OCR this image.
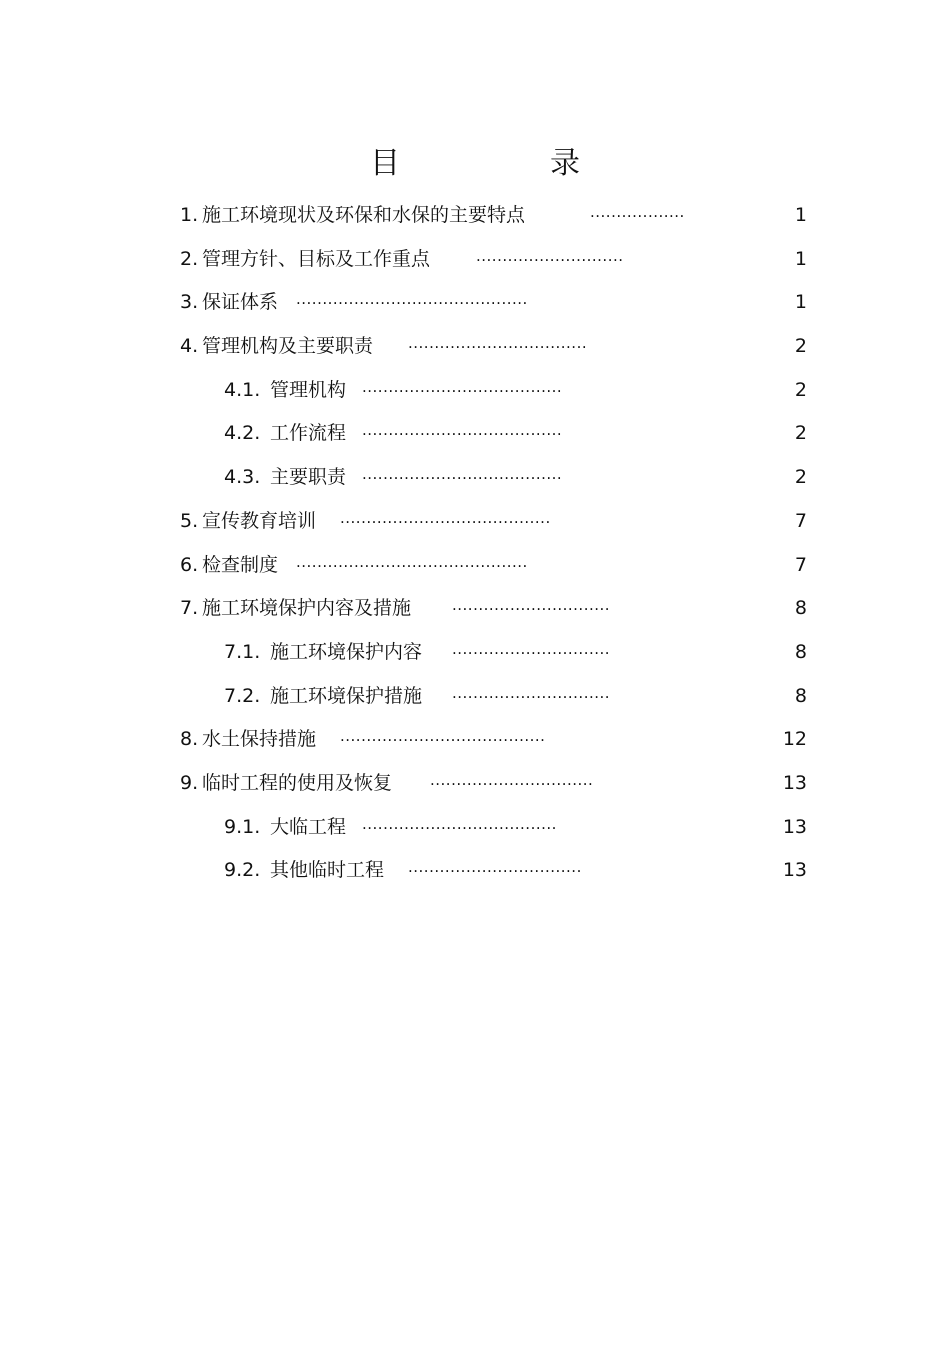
目　录
1. 施工环境现状及环保和水保的主要特点	..................	1
2. 管理方针、目标及工作重点	............................	1
3. 保证体系 ............................................	1
4. 管理机构及主要职责 ..................................	2
4.1. 管理机构 ......................................	2
4.2. 工作流程 ......................................	2
4.3. 主要职责 ......................................	2
5. 宣传教育培训 ........................................	7
6. 检查制度 ............................................	7
7. 施工环境保护内容及措施	..............................	8
7.1. 施工环境保护内容 ..............................	8
7.2. 施工环境保护措施 ..............................	8
8. 水土保持措施 .......................................	12
9. 临时工程的使用及恢复	...............................	13
9.1. 大临工程 .....................................	13
9.2. 其他临时工程 .................................	13
